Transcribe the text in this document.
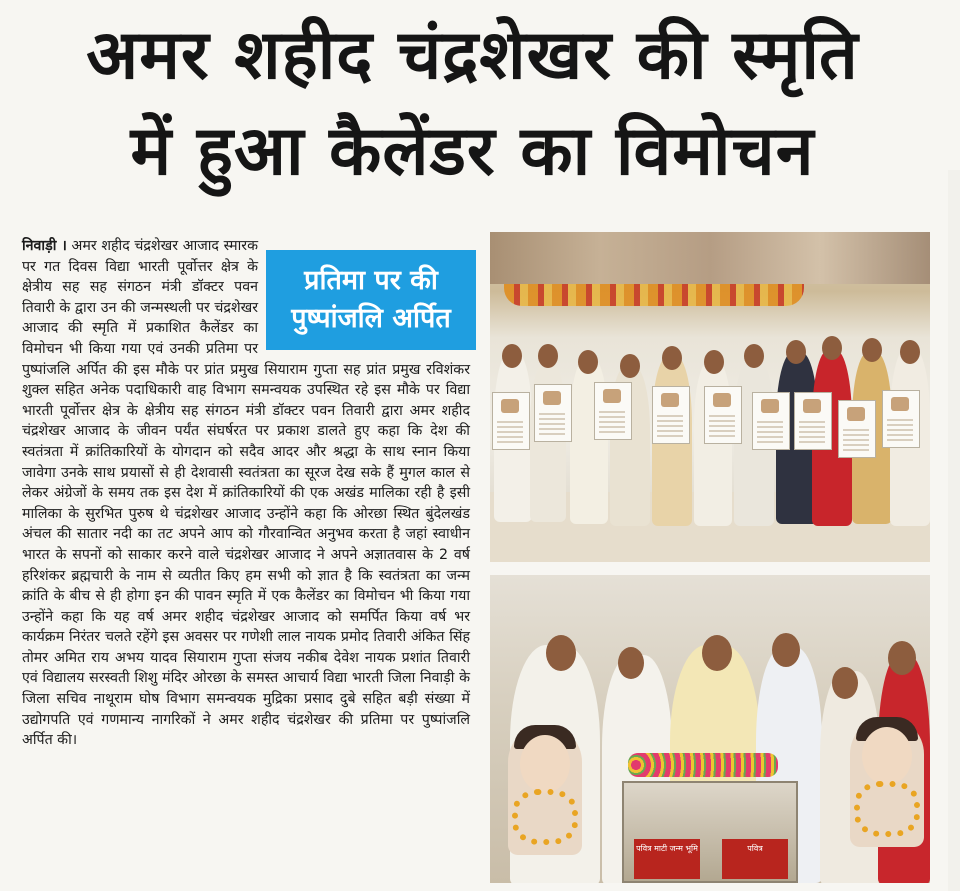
अमर शहीद चंद्रशेखर की स्मृति
में हुआ कैलेंडर का विमोचन
प्रतिमा पर की
पुष्पांजलि अर्पित

निवाड़ी । अमर शहीद चंद्रशेखर आजाद स्मारक पर गत दिवस विद्या भारती पूर्वोत्तर क्षेत्र के क्षेत्रीय सह सह संगठन मंत्री डॉक्टर पवन तिवारी के द्वारा उन की जन्मस्थली पर चंद्रशेखर आजाद की स्मृति में प्रकाशित कैलेंडर का विमोचन भी किया गया एवं उनकी प्रतिमा पर पुष्पांजलि अर्पित की इस मौके पर प्रांत प्रमुख सियाराम गुप्ता सह प्रांत प्रमुख रविशंकर शुक्ल सहित अनेक पदाधिकारी वाह विभाग समन्वयक उपस्थित रहे इस मौके पर विद्या भारती पूर्वोत्तर क्षेत्र के क्षेत्रीय सह संगठन मंत्री डॉक्टर पवन तिवारी द्वारा अमर शहीद चंद्रशेखर आजाद के जीवन पर्यंत संघर्षरत पर प्रकाश डालते हुए कहा कि देश की स्वतंत्रता में क्रांतिकारियों के योगदान को सदैव आदर और श्रद्धा के साथ स्नान किया जावेगा उनके साथ प्रयासों से ही देशवासी स्वतंत्रता का सूरज देख सके हैं मुगल काल से लेकर अंग्रेजों के समय तक इस देश में क्रांतिकारियों की एक अखंड मालिका रही है इसी मालिका के सुरभित पुरुष थे चंद्रशेखर आजाद उन्होंने कहा कि ओरछा स्थित बुंदेलखंड अंचल की सातार नदी का तट अपने आप को गौरवान्वित अनुभव करता है जहां स्वाधीन भारत के सपनों को साकार करने वाले चंद्रशेखर आजाद ने अपने अज्ञातवास के 2 वर्ष हरिशंकर ब्रह्मचारी के नाम से व्यतीत किए हम सभी को ज्ञात है कि स्वतंत्रता का जन्म क्रांति के बीच से ही होगा इन की पावन स्मृति में एक कैलेंडर का विमोचन भी किया गया उन्होंने कहा कि यह वर्ष अमर शहीद चंद्रशेखर आजाद को समर्पित किया वर्ष भर कार्यक्रम निरंतर चलते रहेंगे इस अवसर पर गणेशी लाल नायक प्रमोद तिवारी अंकित सिंह तोमर अमित राय अभय यादव सियाराम गुप्ता संजय नकीब देवेश नायक प्रशांत तिवारी एवं विद्यालय सरस्वती शिशु मंदिर ओरछा के समस्त आचार्य विद्या भारती जिला निवाड़ी के जिला सचिव नाथूराम घोष विभाग समन्वयक मुद्रिका प्रसाद दुबे सहित बड़ी संख्या में उद्योगपति एवं गणमान्य नागरिकों ने अमर शहीद चंद्रशेखर की प्रतिमा पर पुष्पांजलि अर्पित की।

पवित्र माटी जन्म भूमि	पवित्र
